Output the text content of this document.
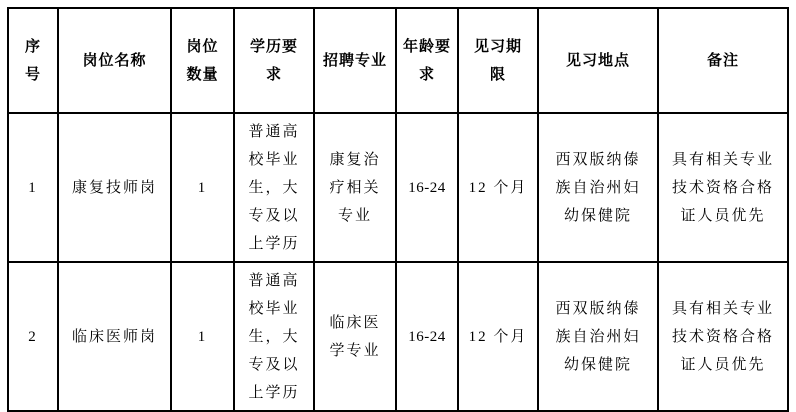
序号	岗位名称	岗位数量	学历要求	招聘专业	年龄要求	见习期限	见习地点	备注
1	康复技师岗	1	普通高校毕业生，大专及以上学历	康复治疗相关专业	16-24	12 个月	西双版纳傣族自治州妇幼保健院	具有相关专业技术资格合格证人员优先
2	临床医师岗	1	普通高校毕业生，大专及以上学历	临床医学专业	16-24	12 个月	西双版纳傣族自治州妇幼保健院	具有相关专业技术资格合格证人员优先
